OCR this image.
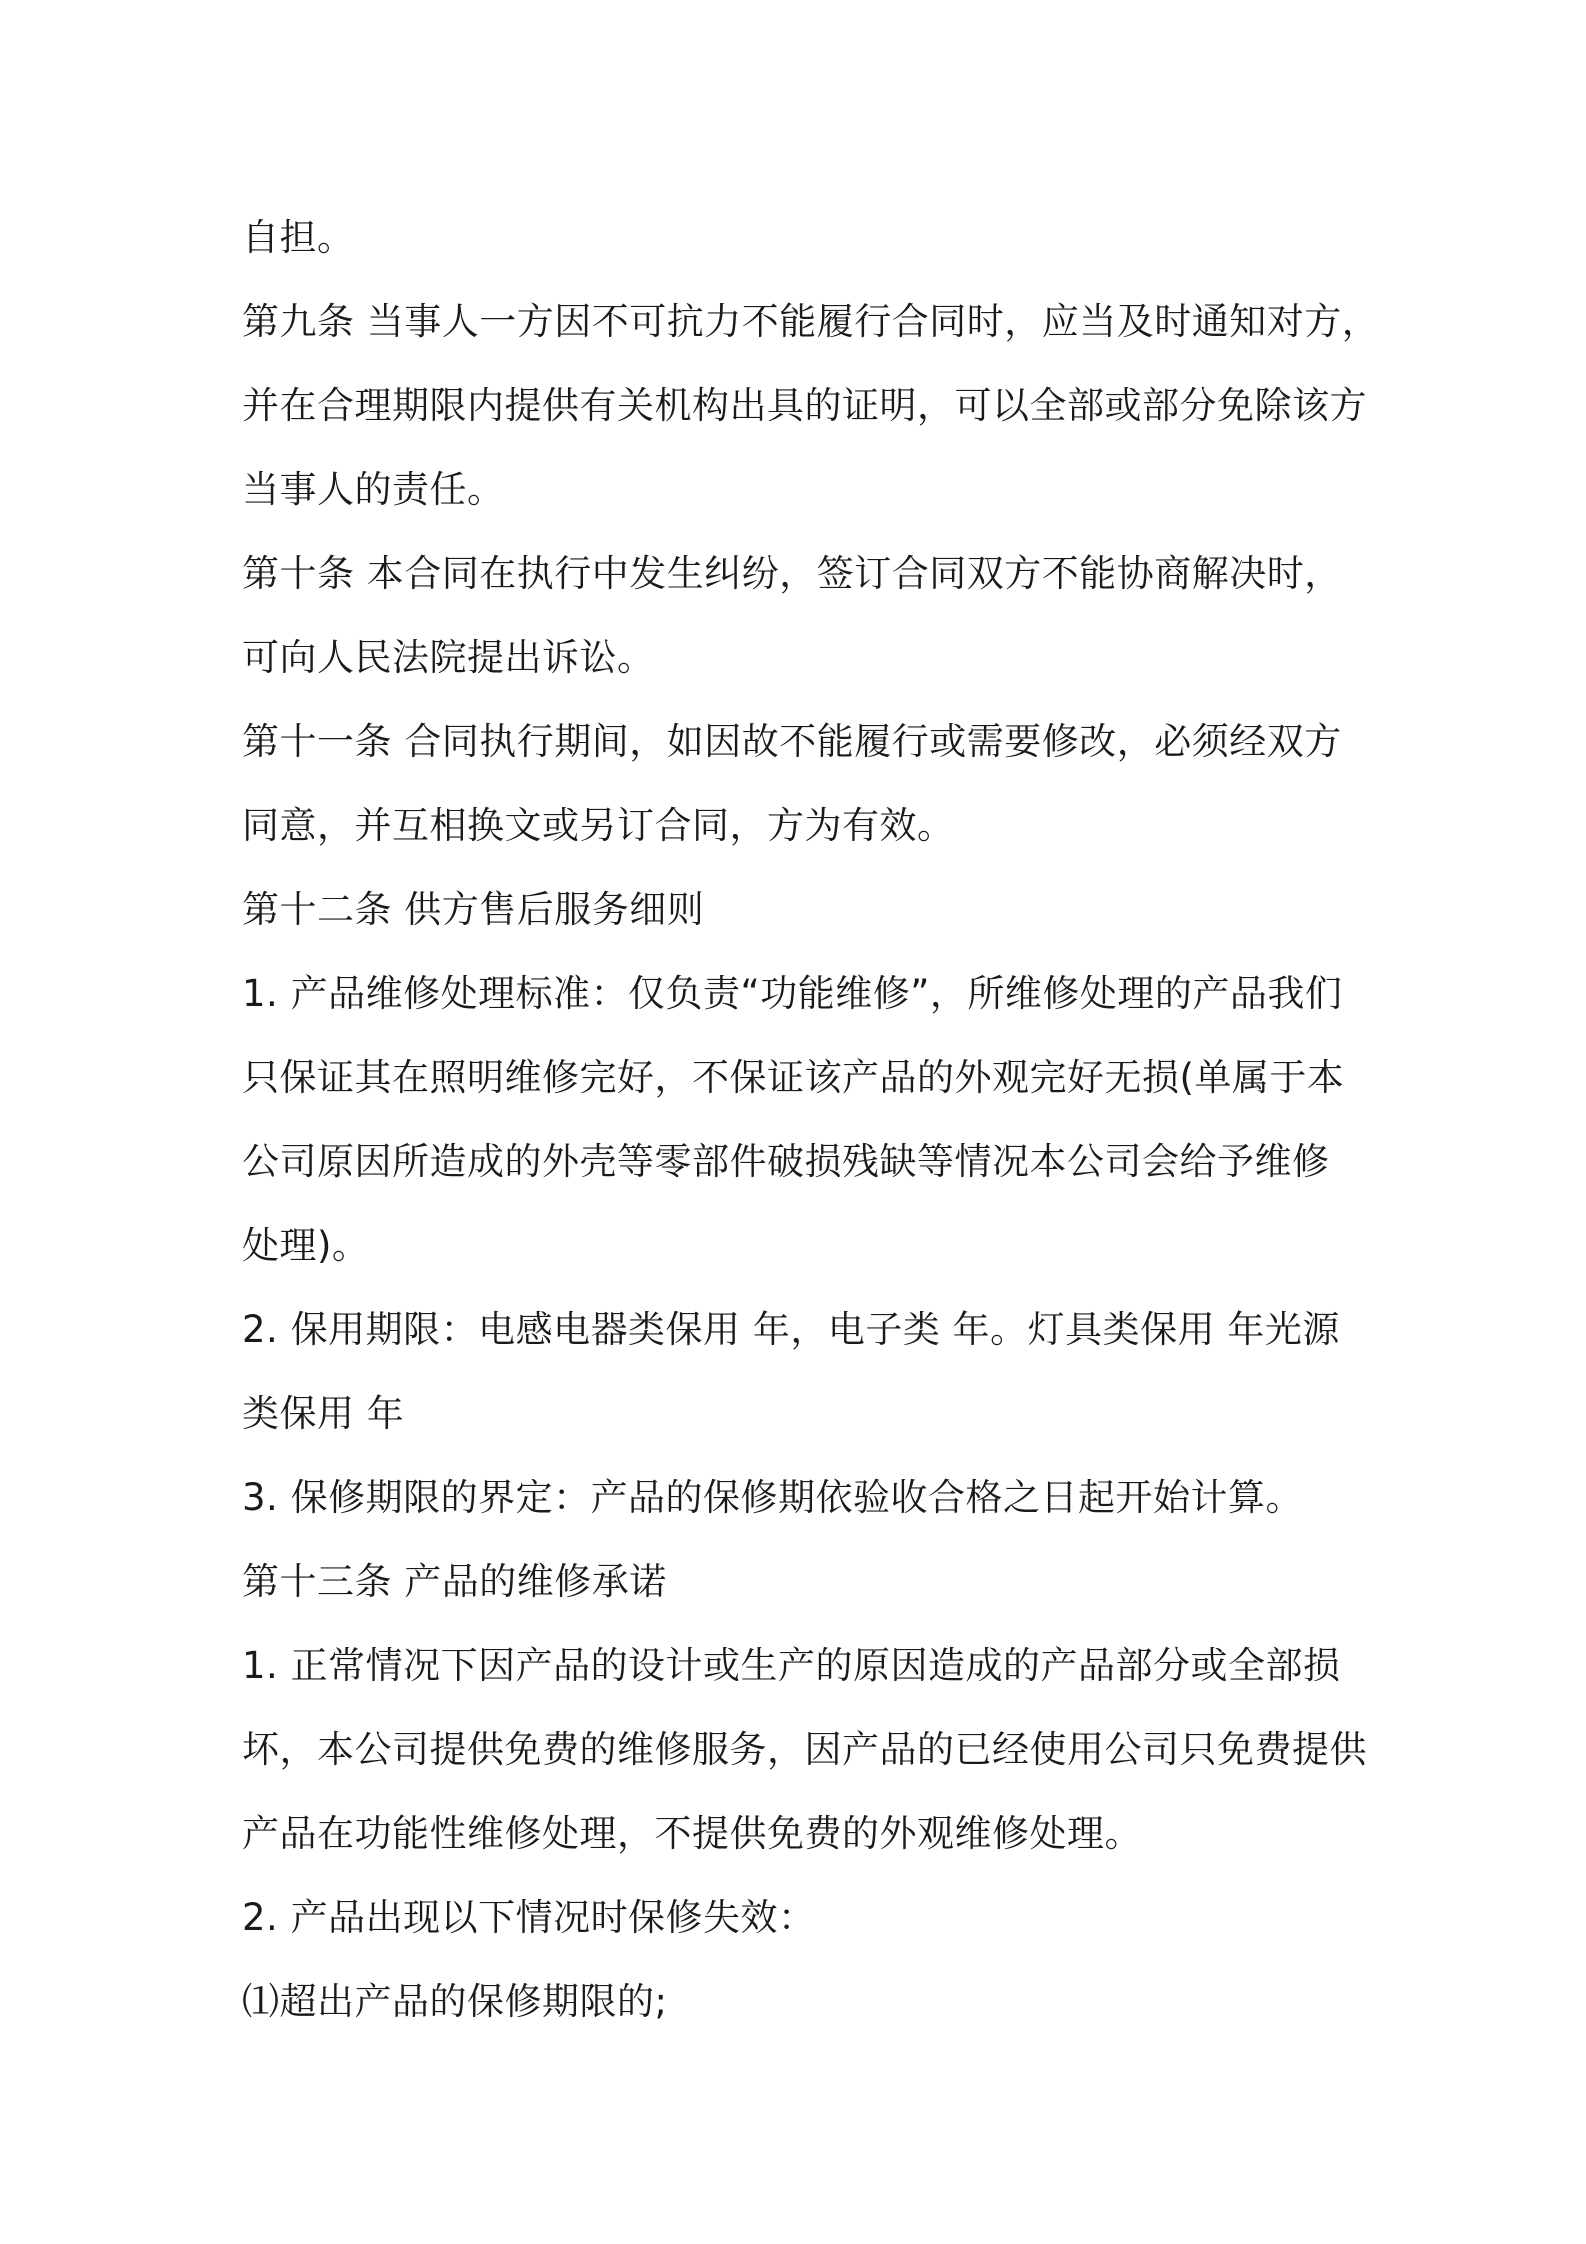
自担。
第九条 当事人一方因不可抗力不能履行合同时，应当及时通知对方，
并在合理期限内提供有关机构出具的证明，可以全部或部分免除该方
当事人的责任。
第十条 本合同在执行中发生纠纷，签订合同双方不能协商解决时，
可向人民法院提出诉讼。
第十一条 合同执行期间，如因故不能履行或需要修改，必须经双方
同意，并互相换文或另订合同，方为有效。
第十二条 供方售后服务细则
1. 产品维修处理标准：仅负责“功能维修”，所维修处理的产品我们
只保证其在照明维修完好，不保证该产品的外观完好无损(单属于本
公司原因所造成的外壳等零部件破损残缺等情况本公司会给予维修
处理)。
2. 保用期限：电感电器类保用 年，电子类 年。灯具类保用 年光源
类保用 年
3. 保修期限的界定：产品的保修期依验收合格之日起开始计算。
第十三条 产品的维修承诺
1. 正常情况下因产品的设计或生产的原因造成的产品部分或全部损
坏，本公司提供免费的维修服务，因产品的已经使用公司只免费提供
产品在功能性维修处理，不提供免费的外观维修处理。
2. 产品出现以下情况时保修失效：
⑴超出产品的保修期限的;
